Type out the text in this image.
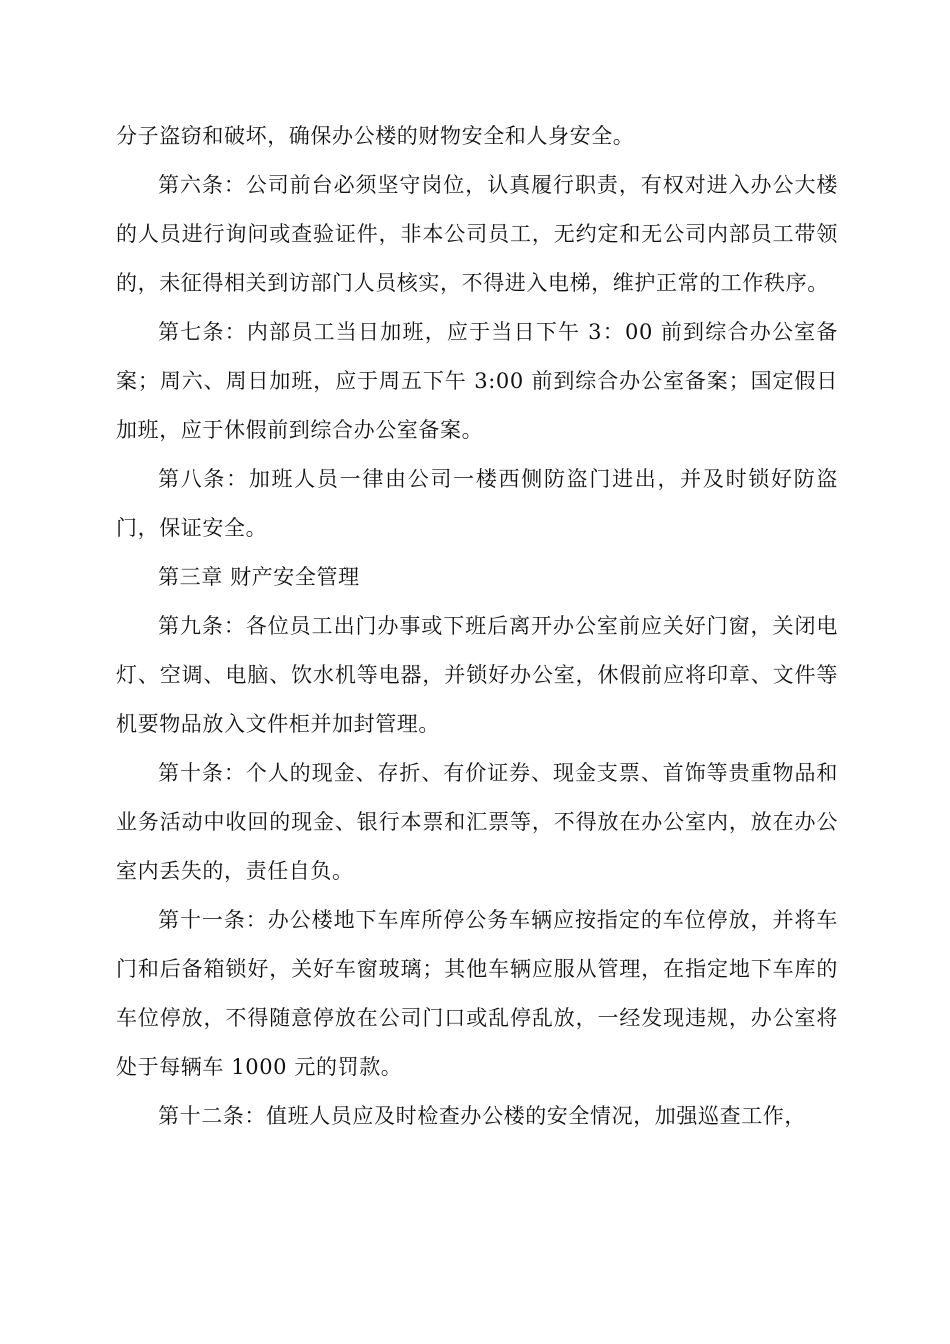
分子盗窃和破坏，确保办公楼的财物安全和人身安全。

第六条：公司前台必须坚守岗位，认真履行职责，有权对进入办公大楼的人员进行询问或查验证件，非本公司员工，无约定和无公司内部员工带领的，未征得相关到访部门人员核实，不得进入电梯，维护正常的工作秩序。

第七条：内部员工当日加班，应于当日下午 3：00 前到综合办公室备案；周六、周日加班，应于周五下午 3:00 前到综合办公室备案；国定假日加班，应于休假前到综合办公室备案。

第八条：加班人员一律由公司一楼西侧防盗门进出，并及时锁好防盗门，保证安全。

第三章 财产安全管理

第九条：各位员工出门办事或下班后离开办公室前应关好门窗，关闭电灯、空调、电脑、饮水机等电器，并锁好办公室，休假前应将印章、文件等机要物品放入文件柜并加封管理。

第十条：个人的现金、存折、有价证券、现金支票、首饰等贵重物品和业务活动中收回的现金、银行本票和汇票等，不得放在办公室内，放在办公室内丢失的，责任自负。

第十一条：办公楼地下车库所停公务车辆应按指定的车位停放，并将车门和后备箱锁好，关好车窗玻璃；其他车辆应服从管理，在指定地下车库的车位停放，不得随意停放在公司门口或乱停乱放，一经发现违规，办公室将处于每辆车 1000 元的罚款。

第十二条：值班人员应及时检查办公楼的安全情况，加强巡查工作，
